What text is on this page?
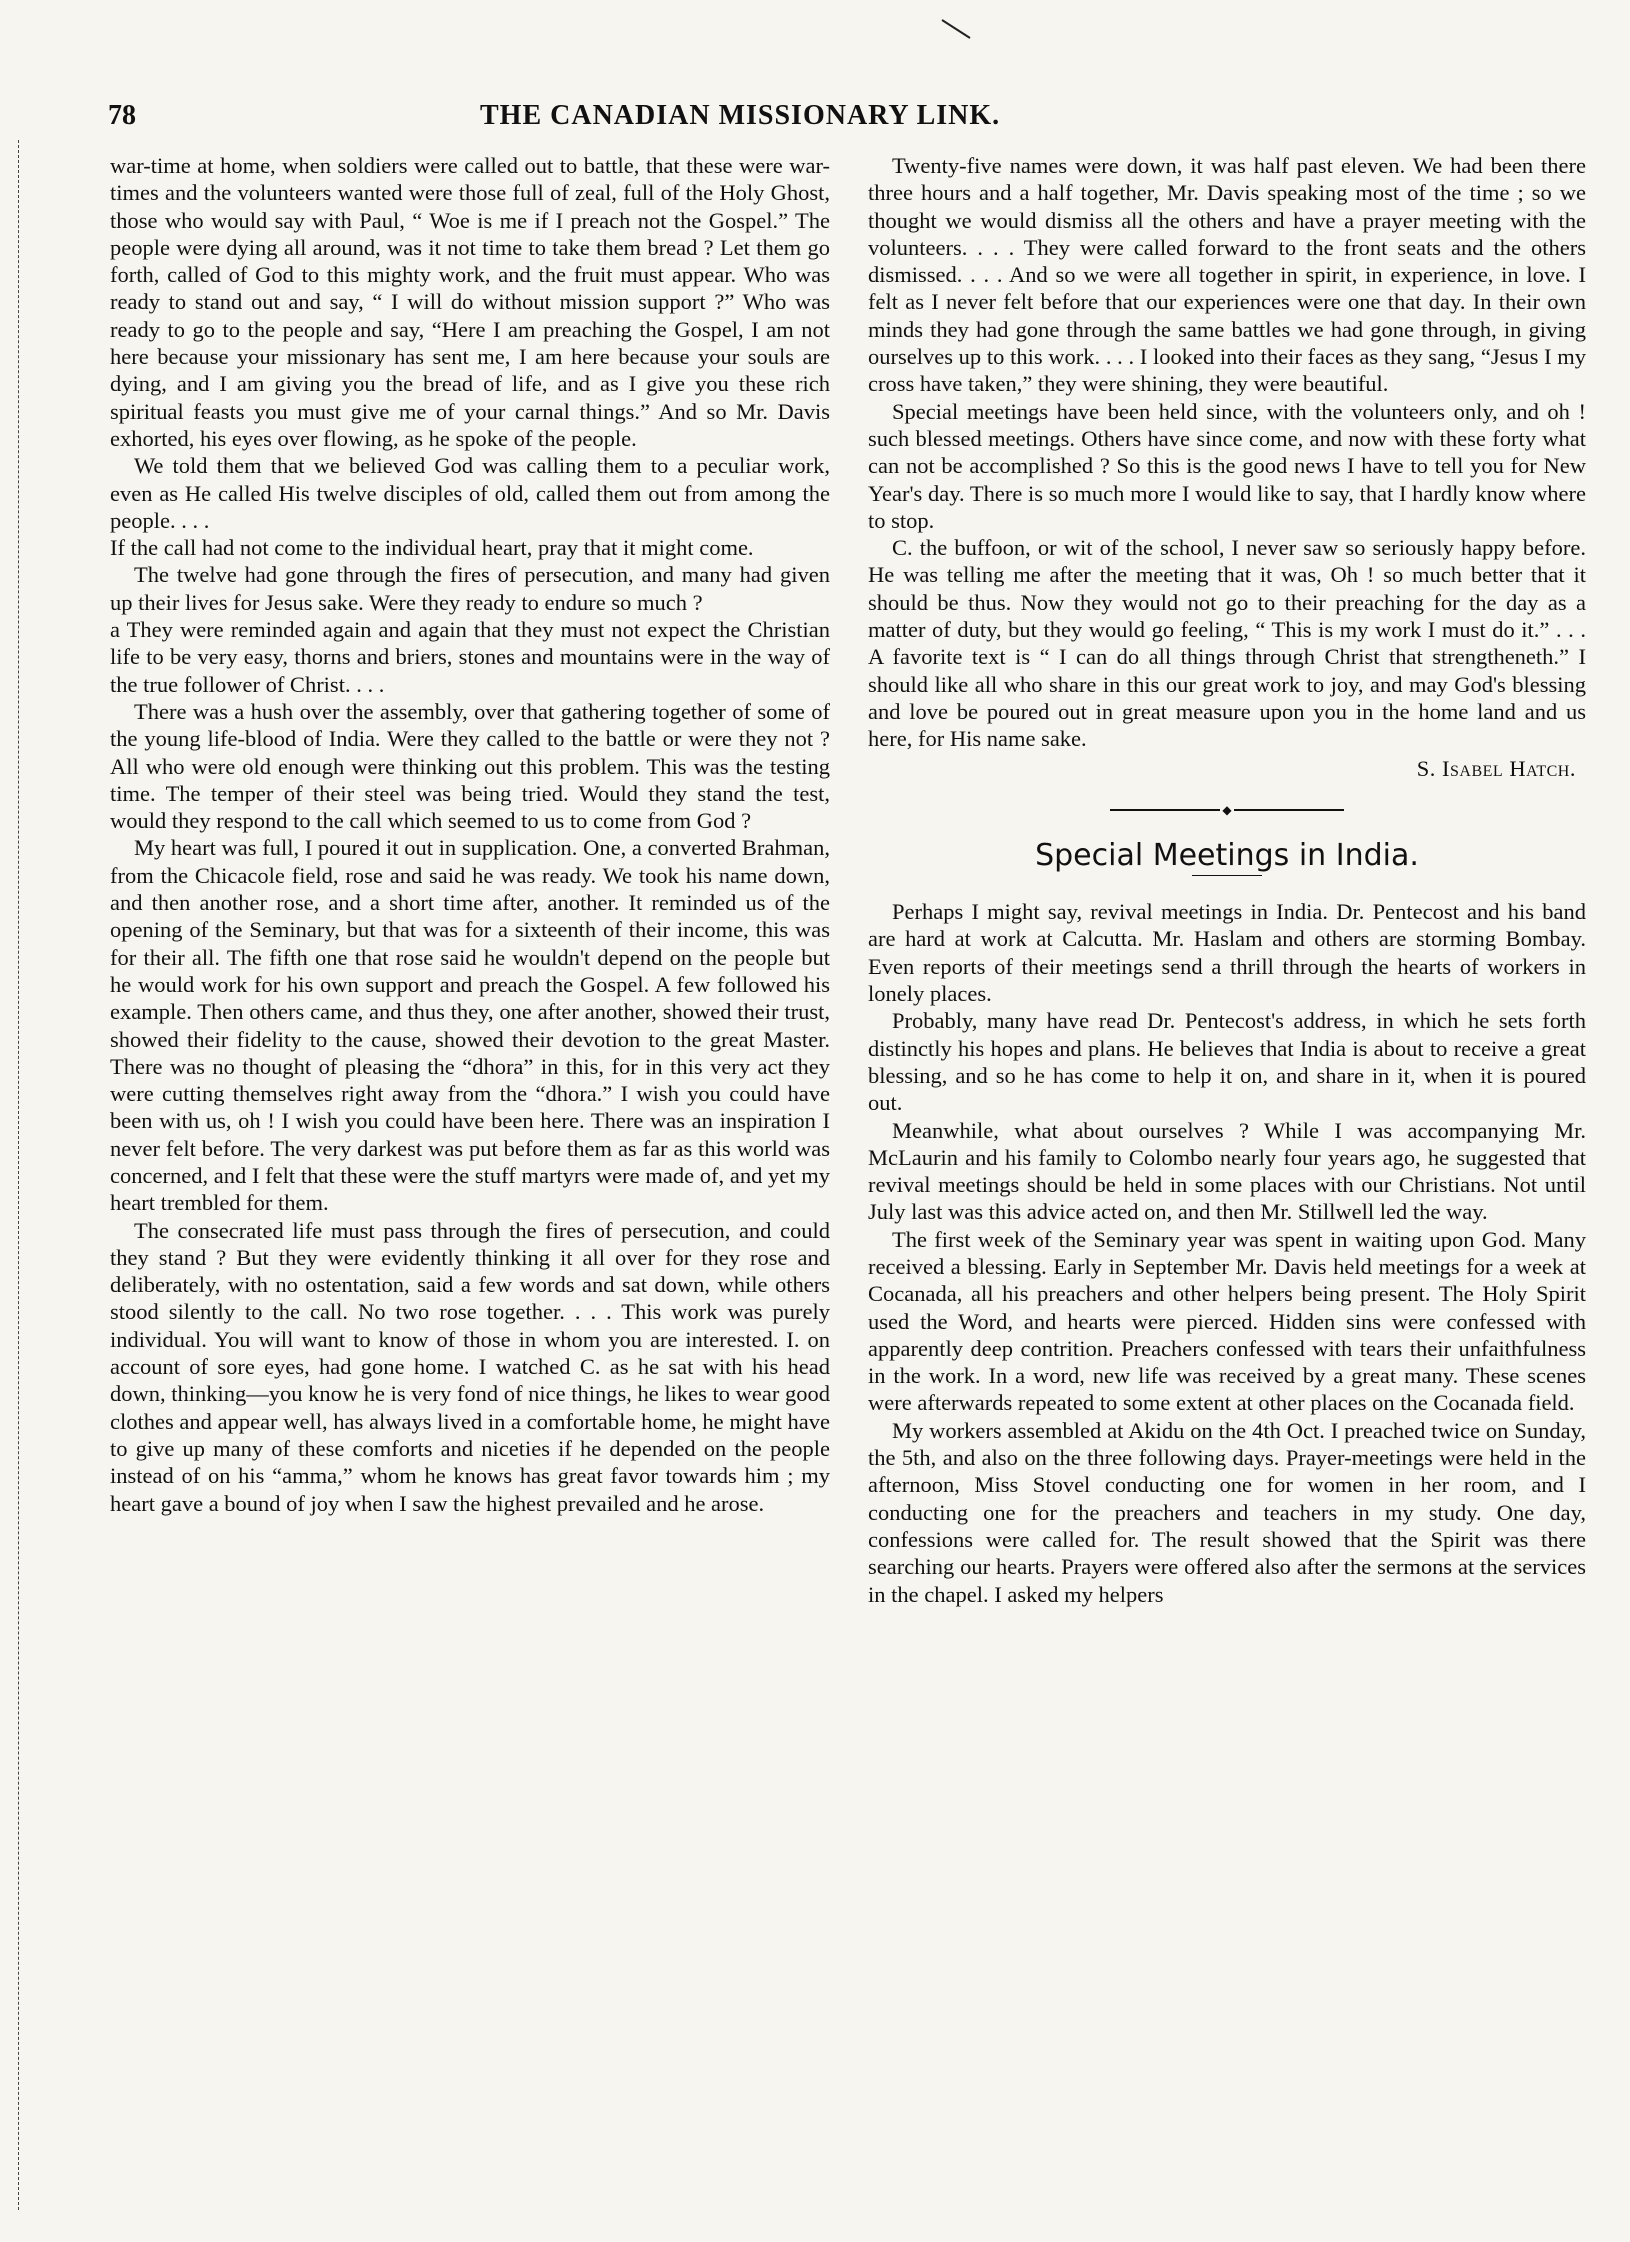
78	THE CANADIAN MISSIONARY LINK.

war-time at home, when soldiers were called out to battle, that these were war-times and the volunteers wanted were those full of zeal, full of the Holy Ghost, those who would say with Paul, “ Woe is me if I preach not the Gospel.” The people were dying all around, was it not time to take them bread ? Let them go forth, called of God to this mighty work, and the fruit must appear. Who was ready to stand out and say, “ I will do without mission support ?” Who was ready to go to the people and say, “Here I am preaching the Gospel, I am not here because your missionary has sent me, I am here because your souls are dying, and I am giving you the bread of life, and as I give you these rich spiritual feasts you must give me of your carnal things.” And so Mr. Davis exhorted, his eyes over flowing, as he spoke of the people.

We told them that we believed God was calling them to a peculiar work, even as He called His twelve disciples of old, called them out from among the people. . . .

If the call had not come to the individual heart, pray that it might come.

The twelve had gone through the fires of persecution, and many had given up their lives for Jesus sake. Were they ready to endure so much ?

a They were reminded again and again that they must not expect the Christian life to be very easy, thorns and briers, stones and mountains were in the way of the true follower of Christ. . . .

There was a hush over the assembly, over that gathering together of some of the young life-blood of India. Were they called to the battle or were they not ? All who were old enough were thinking out this problem. This was the testing time. The temper of their steel was being tried. Would they stand the test, would they respond to the call which seemed to us to come from God ?

My heart was full, I poured it out in supplication. One, a converted Brahman, from the Chicacole field, rose and said he was ready. We took his name down, and then another rose, and a short time after, another. It reminded us of the opening of the Seminary, but that was for a sixteenth of their income, this was for their all. The fifth one that rose said he wouldn't depend on the people but he would work for his own support and preach the Gospel. A few followed his example. Then others came, and thus they, one after another, showed their trust, showed their fidelity to the cause, showed their devotion to the great Master. There was no thought of pleasing the “dhora” in this, for in this very act they were cutting themselves right away from the “dhora.” I wish you could have been with us, oh ! I wish you could have been here. There was an inspiration I never felt before. The very darkest was put before them as far as this world was concerned, and I felt that these were the stuff martyrs were made of, and yet my heart trembled for them.

The consecrated life must pass through the fires of persecution, and could they stand ? But they were evidently thinking it all over for they rose and deliberately, with no ostentation, said a few words and sat down, while others stood silently to the call. No two rose together. . . . This work was purely individual. You will want to know of those in whom you are interested. I. on account of sore eyes, had gone home. I watched C. as he sat with his head down, thinking—you know he is very fond of nice things, he likes to wear good clothes and appear well, has always lived in a comfortable home, he might have to give up many of these comforts and niceties if he depended on the people instead of on his “amma,” whom he knows has great favor towards him ; my heart gave a bound of joy when I saw the highest prevailed and he arose.

Twenty-five names were down, it was half past eleven. We had been there three hours and a half together, Mr. Davis speaking most of the time ; so we thought we would dismiss all the others and have a prayer meeting with the volunteers. . . . They were called forward to the front seats and the others dismissed. . . . And so we were all together in spirit, in experience, in love. I felt as I never felt before that our experiences were one that day. In their own minds they had gone through the same battles we had gone through, in giving ourselves up to this work. . . . I looked into their faces as they sang, “Jesus I my cross have taken,” they were shining, they were beautiful.

Special meetings have been held since, with the volunteers only, and oh ! such blessed meetings. Others have since come, and now with these forty what can not be accomplished ? So this is the good news I have to tell you for New Year's day. There is so much more I would like to say, that I hardly know where to stop.

C. the buffoon, or wit of the school, I never saw so seriously happy before. He was telling me after the meeting that it was, Oh ! so much better that it should be thus. Now they would not go to their preaching for the day as a matter of duty, but they would go feeling, “ This is my work I must do it.” . . . A favorite text is “ I can do all things through Christ that strengtheneth.” I should like all who share in this our great work to joy, and may God's blessing and love be poured out in great measure upon you in the home land and us here, for His name sake.

S. Isabel Hatch.
◆
Special Meetings in India.

Perhaps I might say, revival meetings in India. Dr. Pentecost and his band are hard at work at Calcutta. Mr. Haslam and others are storming Bombay. Even reports of their meetings send a thrill through the hearts of workers in lonely places.

Probably, many have read Dr. Pentecost's address, in which he sets forth distinctly his hopes and plans. He believes that India is about to receive a great blessing, and so he has come to help it on, and share in it, when it is poured out.

Meanwhile, what about ourselves ? While I was accompanying Mr. McLaurin and his family to Colombo nearly four years ago, he suggested that revival meetings should be held in some places with our Christians. Not until July last was this advice acted on, and then Mr. Stillwell led the way.

The first week of the Seminary year was spent in waiting upon God. Many received a blessing. Early in September Mr. Davis held meetings for a week at Cocanada, all his preachers and other helpers being present. The Holy Spirit used the Word, and hearts were pierced. Hidden sins were confessed with apparently deep contrition. Preachers confessed with tears their unfaithfulness in the work. In a word, new life was received by a great many. These scenes were afterwards repeated to some extent at other places on the Cocanada field.

My workers assembled at Akidu on the 4th Oct. I preached twice on Sunday, the 5th, and also on the three following days. Prayer-meetings were held in the afternoon, Miss Stovel conducting one for women in her room, and I conducting one for the preachers and teachers in my study. One day, confessions were called for. The result showed that the Spirit was there searching our hearts. Prayers were offered also after the sermons at the services in the chapel. I asked my helpers
